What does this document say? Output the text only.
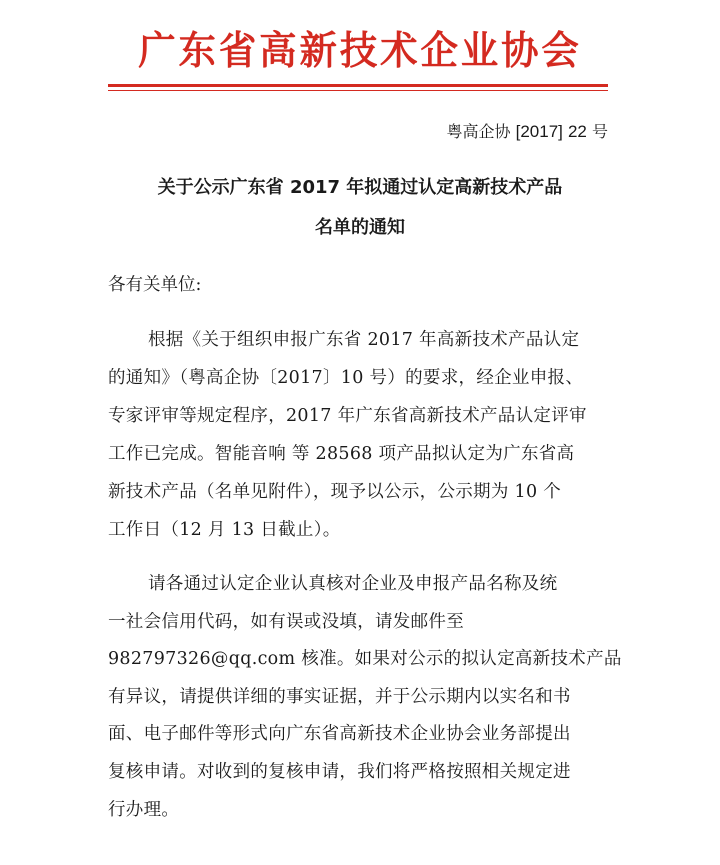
广东省高新技术企业协会
粤高企协 [2017] 22 号
关于公示广东省 2017 年拟通过认定高新技术产品
名单的通知
各有关单位:
根据《关于组织申报广东省 2017 年高新技术产品认定
的通知》（粤高企协〔2017〕10 号）的要求，经企业申报、
专家评审等规定程序，2017 年广东省高新技术产品认定评审
工作已完成。智能音响 等 28568 项产品拟认定为广东省高
新技术产品（名单见附件），现予以公示，公示期为 10 个
工作日（12 月 13 日截止）。
请各通过认定企业认真核对企业及申报产品名称及统
一社会信用代码，如有误或没填，请发邮件至
982797326@qq.com 核准。如果对公示的拟认定高新技术产品
有异议，请提供详细的事实证据，并于公示期内以实名和书
面、电子邮件等形式向广东省高新技术企业协会业务部提出
复核申请。对收到的复核申请，我们将严格按照相关规定进
行办理。
